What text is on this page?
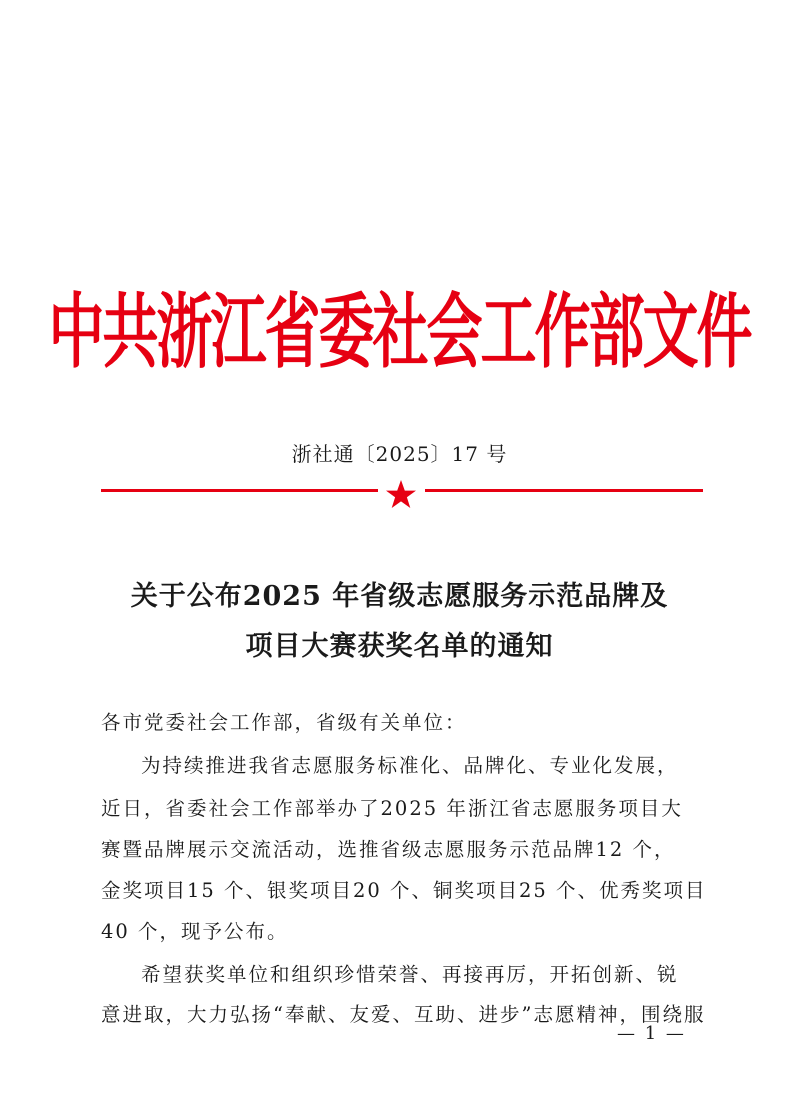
中共浙江省委社会工作部文件
浙社通〔2025〕17 号
关于公布2025 年省级志愿服务示范品牌及
项目大赛获奖名单的通知
各市党委社会工作部，省级有关单位：
为持续推进我省志愿服务标准化、品牌化、专业化发展，
近日，省委社会工作部举办了2025 年浙江省志愿服务项目大
赛暨品牌展示交流活动，选推省级志愿服务示范品牌12 个，
金奖项目15 个、银奖项目20 个、铜奖项目25 个、优秀奖项目
40 个，现予公布。
希望获奖单位和组织珍惜荣誉、再接再厉，开拓创新、锐
意进取，大力弘扬“奉献、友爱、互助、进步”志愿精神，围绕服
— 1 —
